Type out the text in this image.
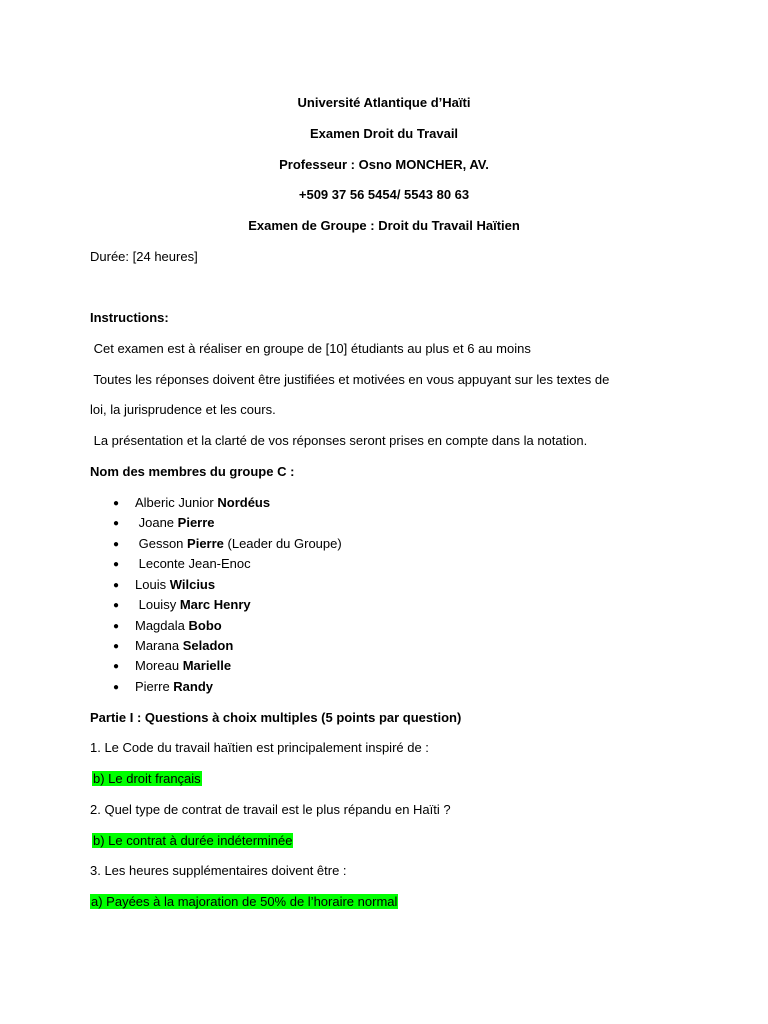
Université Atlantique d’Haïti
Examen Droit du Travail
Professeur : Osno MONCHER, AV.
+509 37 56 5454/ 5543 80 63
Examen de Groupe : Droit du Travail Haïtien
Durée: [24 heures]
Instructions:
Cet examen est à réaliser en groupe de [10] étudiants au plus et 6 au moins
Toutes les réponses doivent être justifiées et motivées en vous appuyant sur les textes de
loi, la jurisprudence et les cours.
La présentation et la clarté de vos réponses seront prises en compte dans la notation.
Nom des membres du groupe C :
● Alberic Junior Nordéus
● Joane Pierre
● Gesson Pierre (Leader du Groupe)
● Leconte Jean-Enoc
● Louis Wilcius
● Louisy Marc Henry
● Magdala Bobo
● Marana Seladon
● Moreau Marielle
● Pierre Randy
Partie I : Questions à choix multiples (5 points par question)
1. Le Code du travail haïtien est principalement inspiré de :
b) Le droit français
2. Quel type de contrat de travail est le plus répandu en Haïti ?
b) Le contrat à durée indéterminée
3. Les heures supplémentaires doivent être :
a) Payées à la majoration de 50% de l’horaire normal
